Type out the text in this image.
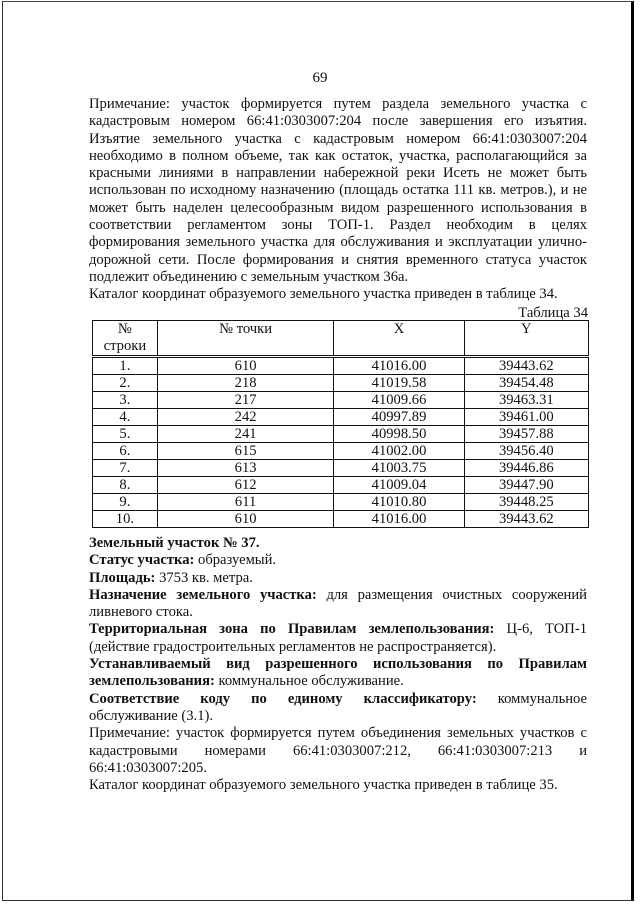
69

Примечание: участок формируется путем раздела земельного участка с кадастровым номером 66:41:0303007:204 после завершения его изъятия. Изъятие земельного участка с кадастровым номером 66:41:0303007:204 необходимо в полном объеме, так как остаток, участка, располагающийся за красными линиями в направлении набережной реки Исеть не может быть использован по исходному назначению (площадь остатка 111 кв. метров.), и не может быть наделен целесообразным видом разрешенного использования в соответствии регламентом зоны ТОП-1. Раздел необходим в целях формирования земельного участка для обслуживания и эксплуатации улично-дорожной сети. После формирования и снятия временного статуса участок подлежит объединению с земельным участком 36а.

Каталог координат образуемого земельного участка приведен в таблице 34.

Таблица 34
№
строки	№ точки	X	Y
1.	610	41016.00	39443.62
2.	218	41019.58	39454.48
3.	217	41009.66	39463.31
4.	242	40997.89	39461.00
5.	241	40998.50	39457.88
6.	615	41002.00	39456.40
7.	613	41003.75	39446.86
8.	612	41009.04	39447.90
9.	611	41010.80	39448.25
10.	610	41016.00	39443.62

Земельный участок № 37.

Статус участка: образуемый.

Площадь: 3753 кв. метра.

Назначение земельного участка: для размещения очистных сооружений ливневого стока.

Территориальная зона по Правилам землепользования: Ц-6, ТОП-1 (действие градостроительных регламентов не распространяется).

Устанавливаемый вид разрешенного использования по Правилам землепользования: коммунальное обслуживание.

Соответствие коду по единому классификатору: коммунальное обслуживание (3.1).

Примечание: участок формируется путем объединения земельных участков с кадастровыми номерами 66:41:0303007:212, 66:41:0303007:213 и 66:41:0303007:205.

Каталог координат образуемого земельного участка приведен в таблице 35.
